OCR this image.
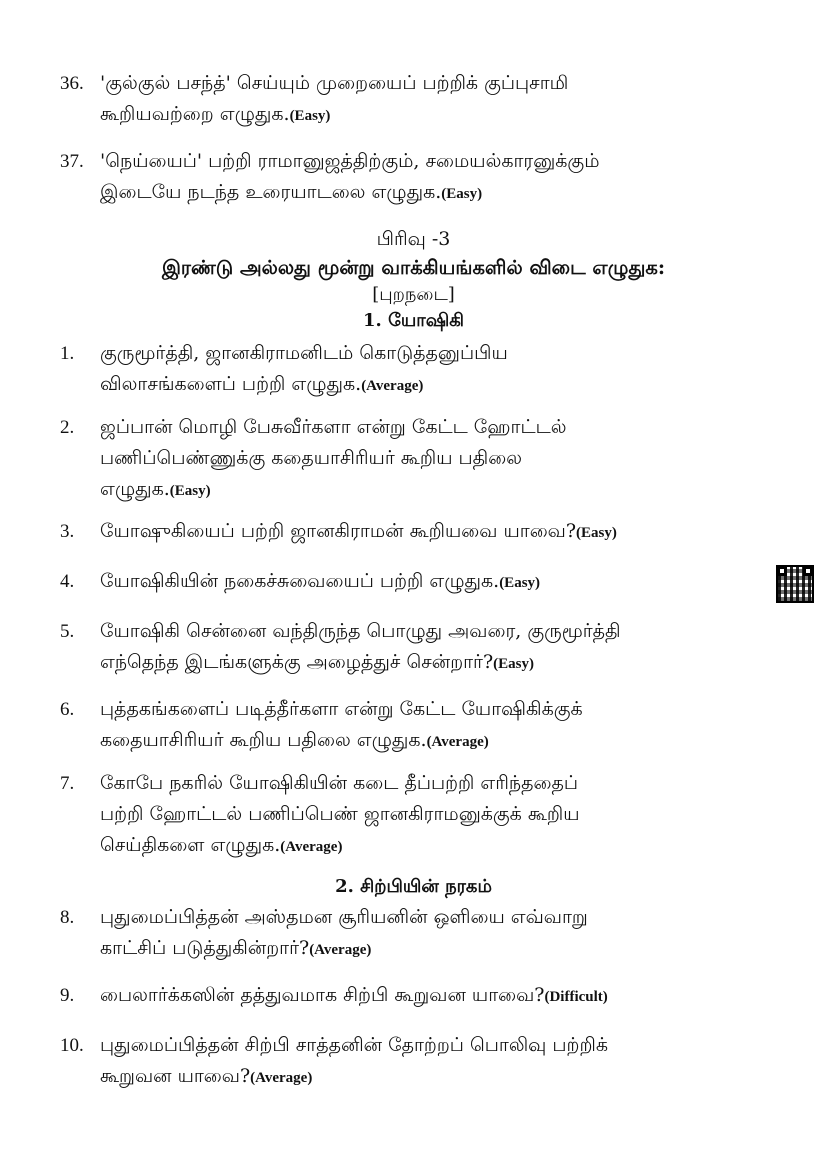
36. 'குல்குல் பசந்த்' செய்யும் முறையைப் பற்றிக் குப்புசாமி
கூறியவற்றை எழுதுக.(Easy)
37. 'நெய்யைப்' பற்றி ராமானுஜத்திற்கும், சமையல்காரனுக்கும்
இடையே நடந்த உரையாடலை எழுதுக.(Easy)
பிரிவு -3
இரண்டு அல்லது மூன்று வாக்கியங்களில் விடை எழுதுக:
[புறநடை]
1. யோஷிகி
1.	குருமூர்த்தி, ஜானகிராமனிடம் கொடுத்தனுப்பிய
விலாசங்களைப் பற்றி எழுதுக.(Average)
2.	ஜப்பான் மொழி பேசுவீர்களா என்று கேட்ட ஹோட்டல்
பணிப்பெண்ணுக்கு கதையாசிரியர் கூறிய பதிலை
எழுதுக.(Easy)
3.	யோஷுகியைப் பற்றி ஜானகிராமன் கூறியவை யாவை?(Easy)
4.	யோஷிகியின் நகைச்சுவையைப் பற்றி எழுதுக.(Easy)
5.	யோஷிகி சென்னை வந்திருந்த பொழுது அவரை, குருமூர்த்தி
எந்தெந்த இடங்களுக்கு அழைத்துச் சென்றார்?(Easy)
6.	புத்தகங்களைப் படித்தீர்களா என்று கேட்ட யோஷிகிக்குக்
கதையாசிரியர் கூறிய பதிலை எழுதுக.(Average)
7.	கோபே நகரில் யோஷிகியின் கடை தீப்பற்றி எரிந்ததைப்
பற்றி ஹோட்டல் பணிப்பெண் ஜானகிராமனுக்குக் கூறிய
செய்திகளை எழுதுக.(Average)
2. சிற்பியின் நரகம்
8.	புதுமைப்பித்தன் அஸ்தமன சூரியனின் ஒளியை எவ்வாறு
காட்சிப் படுத்துகின்றார்?(Average)
9.	பைலார்க்கஸின் தத்துவமாக சிற்பி கூறுவன யாவை?(Difficult)
10. புதுமைப்பித்தன் சிற்பி சாத்தனின் தோற்றப் பொலிவு பற்றிக்
கூறுவன யாவை?(Average)
